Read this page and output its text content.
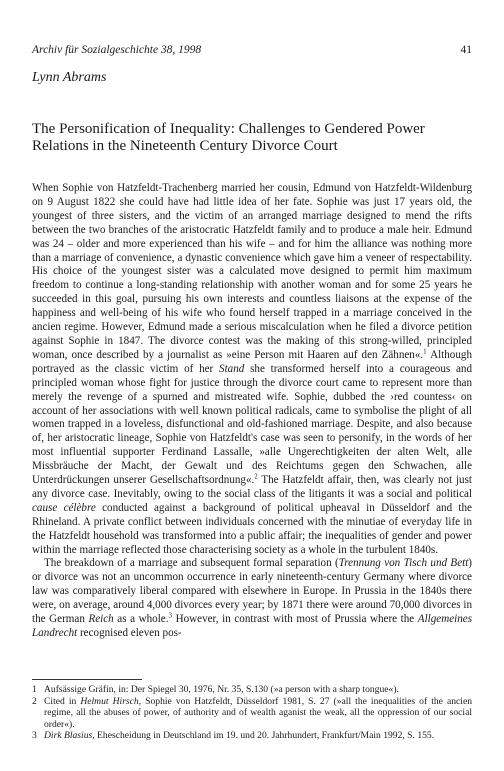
Archiv für Sozialgeschichte 38, 1998	41
Lynn Abrams
The Personification of Inequality: Challenges to Gendered Power Relations in the Nineteenth Century Divorce Court

When Sophie von Hatzfeldt-Trachenberg married her cousin, Edmund von Hatzfeldt-Wildenburg on 9 August 1822 she could have had little idea of her fate. Sophie was just 17 years old, the youngest of three sisters, and the victim of an arranged marriage designed to mend the rifts between the two branches of the aristocratic Hatzfeldt family and to produce a male heir. Edmund was 24 – older and more experienced than his wife – and for him the alliance was nothing more than a marriage of convenience, a dynastic convenience which gave him a veneer of respectability. His choice of the youngest sister was a calculated move designed to permit him maximum freedom to continue a long-standing relationship with another woman and for some 25 years he succeeded in this goal, pursuing his own interests and countless liaisons at the expense of the happiness and well-being of his wife who found herself trapped in a marriage conceived in the ancien regime. However, Edmund made a serious miscalculation when he filed a divorce petition against Sophie in 1847. The divorce contest was the making of this strong-willed, principled woman, once described by a journalist as »eine Person mit Haaren auf den Zähnen«.$^1$ Although portrayed as the classic victim of her Stand she transformed herself into a courageous and principled woman whose fight for justice through the divorce court came to represent more than merely the revenge of a spurned and mistreated wife. Sophie, dubbed the ›red countess‹ on account of her associations with well known political radicals, came to symbolise the plight of all women trapped in a loveless, disfunctional and old-fashioned marriage. Despite, and also because of, her aristocratic lineage, Sophie von Hatzfeldt's case was seen to personify, in the words of her most influential supporter Ferdinand Lassalle, »alle Ungerechtigkeiten der alten Welt, alle Missbräuche der Macht, der Gewalt und des Reichtums gegen den Schwachen, alle Unterdrückungen unserer Gesellschaftsordnung«.$^2$ The Hatzfeldt affair, then, was clearly not just any divorce case. Inevitably, owing to the social class of the litigants it was a social and political cause célèbre conducted against a background of political upheaval in Düsseldorf and the Rhineland. A private conflict between individuals concerned with the minutiae of everyday life in the Hatzfeldt household was transformed into a public affair; the inequalities of gender and power within the marriage reflected those characterising society as a whole in the turbulent 1840s.

The breakdown of a marriage and subsequent formal separation (Trennung von Tisch und Bett) or divorce was not an uncommon occurrence in early nineteenth-century Germany where divorce law was comparatively liberal compared with elsewhere in Europe. In Prussia in the 1840s there were, on average, around 4,000 divorces every year; by 1871 there were around 70,000 divorces in the German Reich as a whole.$^3$ However, in contrast with most of Prussia where the Allgemeines Landrecht recognised eleven pos-

1 Aufsässige Gräfin, in: Der Spiegel 30, 1976, Nr. 35, S.130 (»a person with a sharp tongue«).
2 Cited in Helmut Hirsch, Sophie von Hatzfeldt, Düsseldorf 1981, S. 27 (»all the inequalities of the ancien regime, all the abuses of power, of authority and of wealth aganist the weak, all the oppression of our social order«).
3 Dirk Blasius, Ehescheidung in Deutschland im 19. und 20. Jahrhundert, Frankfurt/Main 1992, S. 155.
